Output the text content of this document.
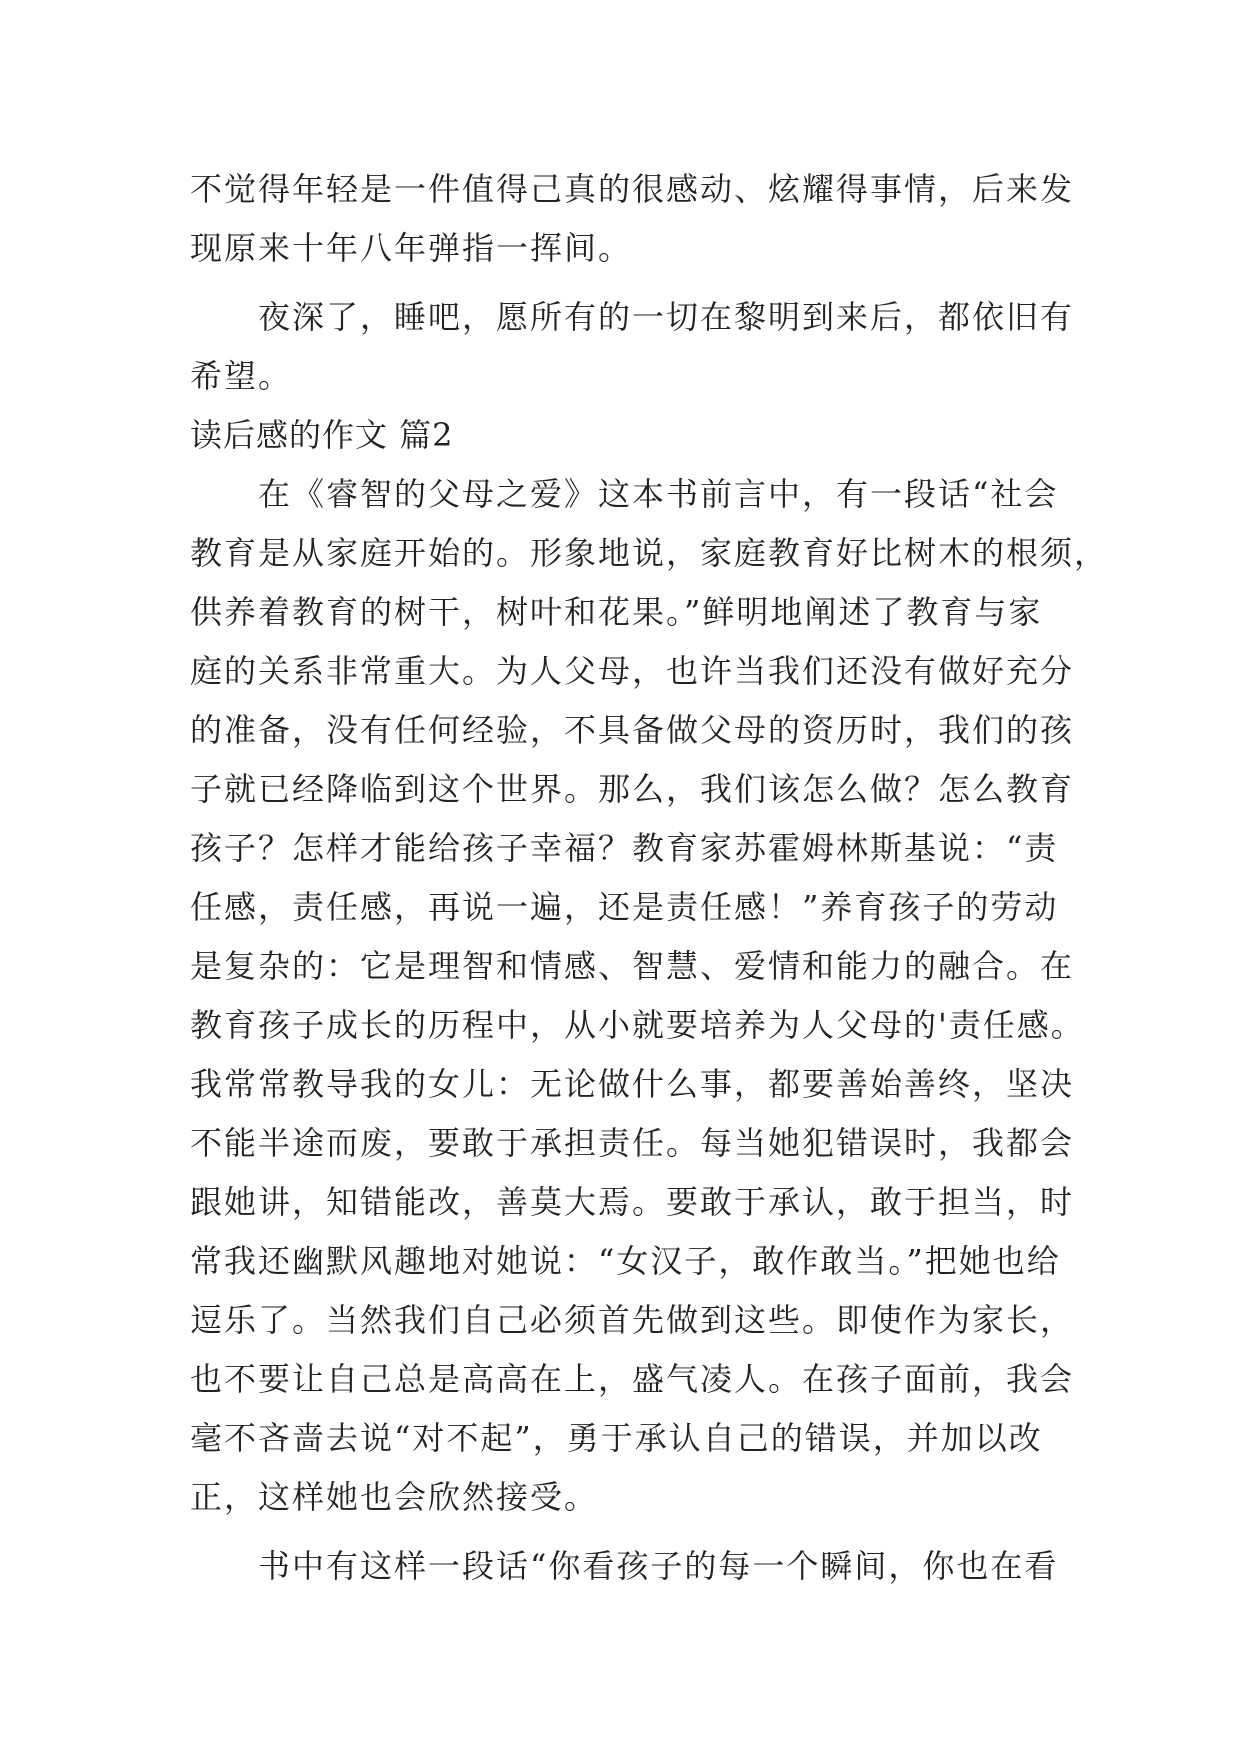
不觉得年轻是一件值得己真的很感动、炫耀得事情，后来发
现原来十年八年弹指一挥间。
夜深了，睡吧，愿所有的一切在黎明到来后，都依旧有
希望。
读后感的作文 篇2
在《睿智的父母之爱》这本书前言中，有一段话“社会
教育是从家庭开始的。形象地说，家庭教育好比树木的根须，
供养着教育的树干，树叶和花果。”鲜明地阐述了教育与家
庭的关系非常重大。为人父母，也许当我们还没有做好充分
的准备，没有任何经验，不具备做父母的资历时，我们的孩
子就已经降临到这个世界。那么，我们该怎么做？怎么教育
孩子？怎样才能给孩子幸福？教育家苏霍姆林斯基说：“责
任感，责任感，再说一遍，还是责任感！”养育孩子的劳动
是复杂的：它是理智和情感、智慧、爱情和能力的融合。在
教育孩子成长的历程中，从小就要培养为人父母的'责任感。
我常常教导我的女儿：无论做什么事，都要善始善终，坚决
不能半途而废，要敢于承担责任。每当她犯错误时，我都会
跟她讲，知错能改，善莫大焉。要敢于承认，敢于担当，时
常我还幽默风趣地对她说：“女汉子，敢作敢当。”把她也给
逗乐了。当然我们自己必须首先做到这些。即使作为家长，
也不要让自己总是高高在上，盛气凌人。在孩子面前，我会
毫不吝啬去说“对不起”，勇于承认自己的错误，并加以改
正，这样她也会欣然接受。
书中有这样一段话“你看孩子的每一个瞬间，你也在看
